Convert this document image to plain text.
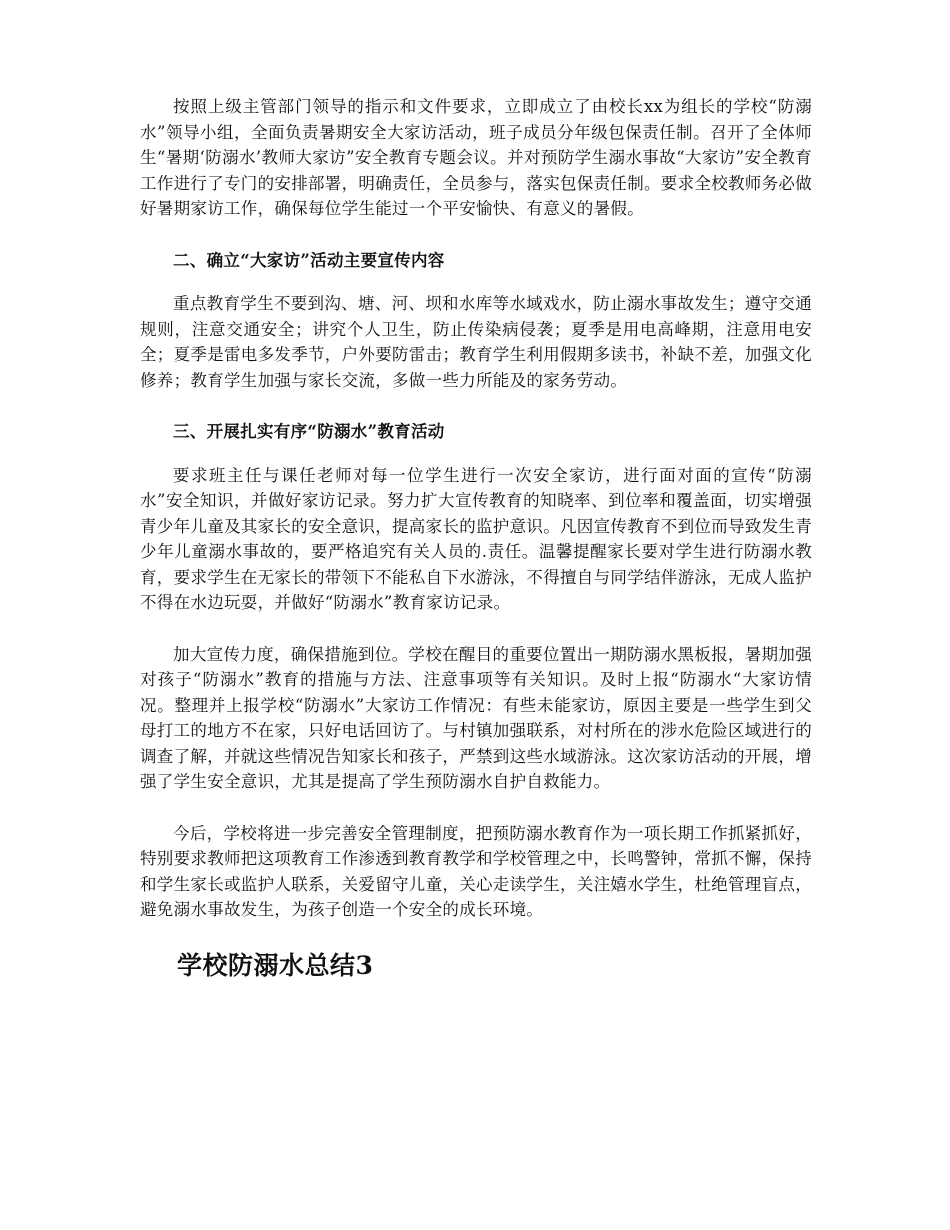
按照上级主管部门领导的指示和文件要求，立即成立了由校长xx为组长的学校“防溺水”领导小组，全面负责暑期安全大家访活动，班子成员分年级包保责任制。召开了全体师生“暑期‘防溺水’教师大家访”安全教育专题会议。并对预防学生溺水事故“大家访”安全教育工作进行了专门的安排部署，明确责任，全员参与，落实包保责任制。要求全校教师务必做好暑期家访工作，确保每位学生能过一个平安愉快、有意义的暑假。

二、确立“大家访”活动主要宣传内容

重点教育学生不要到沟、塘、河、坝和水库等水域戏水，防止溺水事故发生；遵守交通规则，注意交通安全；讲究个人卫生，防止传染病侵袭；夏季是用电高峰期，注意用电安全；夏季是雷电多发季节，户外要防雷击；教育学生利用假期多读书，补缺不差，加强文化修养；教育学生加强与家长交流，多做一些力所能及的家务劳动。

三、开展扎实有序“防溺水”教育活动

要求班主任与课任老师对每一位学生进行一次安全家访，进行面对面的宣传“防溺水”安全知识，并做好家访记录。努力扩大宣传教育的知晓率、到位率和覆盖面，切实增强青少年儿童及其家长的安全意识，提高家长的监护意识。凡因宣传教育不到位而导致发生青少年儿童溺水事故的，要严格追究有关人员的.责任。温馨提醒家长要对学生进行防溺水教育，要求学生在无家长的带领下不能私自下水游泳，不得擅自与同学结伴游泳，无成人监护不得在水边玩耍，并做好“防溺水”教育家访记录。

加大宣传力度，确保措施到位。学校在醒目的重要位置出一期防溺水黑板报，暑期加强对孩子“防溺水”教育的措施与方法、注意事项等有关知识。及时上报“防溺水“大家访情况。整理并上报学校“防溺水”大家访工作情况：有些未能家访，原因主要是一些学生到父母打工的地方不在家，只好电话回访了。与村镇加强联系，对村所在的涉水危险区域进行的调查了解，并就这些情况告知家长和孩子，严禁到这些水域游泳。这次家访活动的开展，增强了学生安全意识，尤其是提高了学生预防溺水自护自救能力。

今后，学校将进一步完善安全管理制度，把预防溺水教育作为一项长期工作抓紧抓好，特别要求教师把这项教育工作渗透到教育教学和学校管理之中，长鸣警钟，常抓不懈，保持和学生家长或监护人联系，关爱留守儿童，关心走读学生，关注嬉水学生，杜绝管理盲点，避免溺水事故发生，为孩子创造一个安全的成长环境。

学校防溺水总结3
